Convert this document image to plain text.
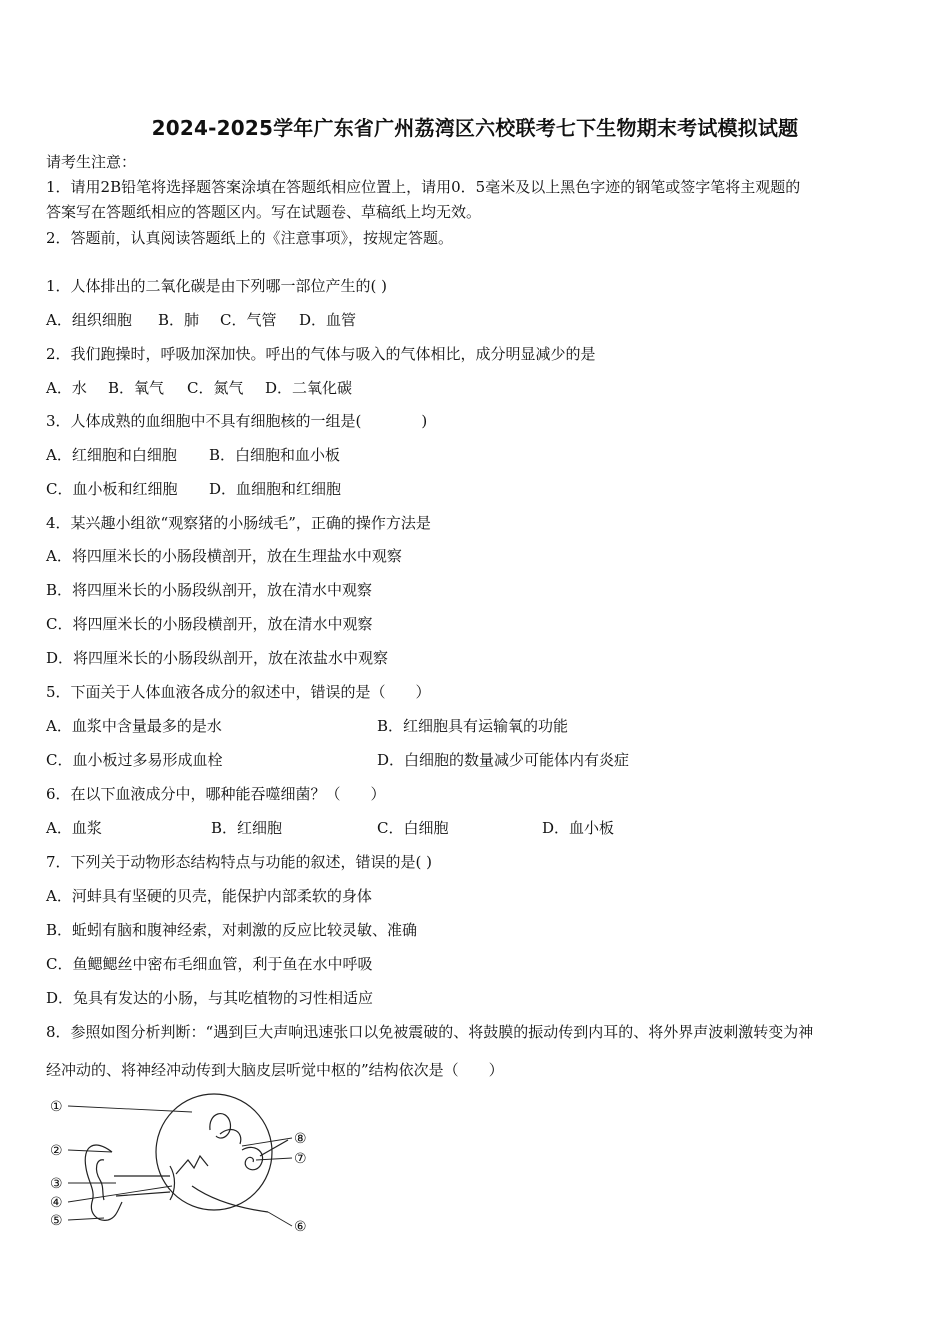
2024-2025学年广东省广州荔湾区六校联考七下生物期末考试模拟试题
请考生注意：
1．请用2B铅笔将选择题答案涂填在答题纸相应位置上，请用0．5毫米及以上黑色字迹的钢笔或签字笔将主观题的
答案写在答题纸相应的答题区内。写在试题卷、草稿纸上均无效。
2．答题前，认真阅读答题纸上的《注意事项》，按规定答题。
1．人体排出的二氧化碳是由下列哪一部位产生的( )
A．组织细胞 B．肺 C．气管 D．血管
2．我们跑操时，呼吸加深加快。呼出的气体与吸入的气体相比，成分明显减少的是
A．水 B．氧气 C．氮气 D．二氧化碳
3．人体成熟的血细胞中不具有细胞核的一组是(　　　　)
A．红细胞和白细胞 B．白细胞和血小板
C．血小板和红细胞 D．血细胞和红细胞
4．某兴趣小组欲“观察猪的小肠绒毛”，正确的操作方法是
A．将四厘米长的小肠段横剖开，放在生理盐水中观察
B．将四厘米长的小肠段纵剖开，放在清水中观察
C．将四厘米长的小肠段横剖开，放在清水中观察
D．将四厘米长的小肠段纵剖开，放在浓盐水中观察
5．下面关于人体血液各成分的叙述中，错误的是（　　）
A．血浆中含量最多的是水	B．红细胞具有运输氧的功能
C．血小板过多易形成血栓	D．白细胞的数量减少可能体内有炎症
6．在以下血液成分中，哪种能吞噬细菌？（　　）
A．血浆	B．红细胞	C．白细胞	D．血小板
7．下列关于动物形态结构特点与功能的叙述，错误的是( )
A．河蚌具有坚硬的贝壳，能保护内部柔软的身体
B．蚯蚓有脑和腹神经索，对刺激的反应比较灵敏、准确
C．鱼鳃鳃丝中密布毛细血管，利于鱼在水中呼吸
D．兔具有发达的小肠，与其吃植物的习性相适应
8．参照如图分析判断：“遇到巨大声响迅速张口以免被震破的、将鼓膜的振动传到内耳的、将外界声波刺激转变为神
经冲动的、将神经冲动传到大脑皮层听觉中枢的”结构依次是（　　）
①
②
③
④
⑤	⑥
⑦
⑧
